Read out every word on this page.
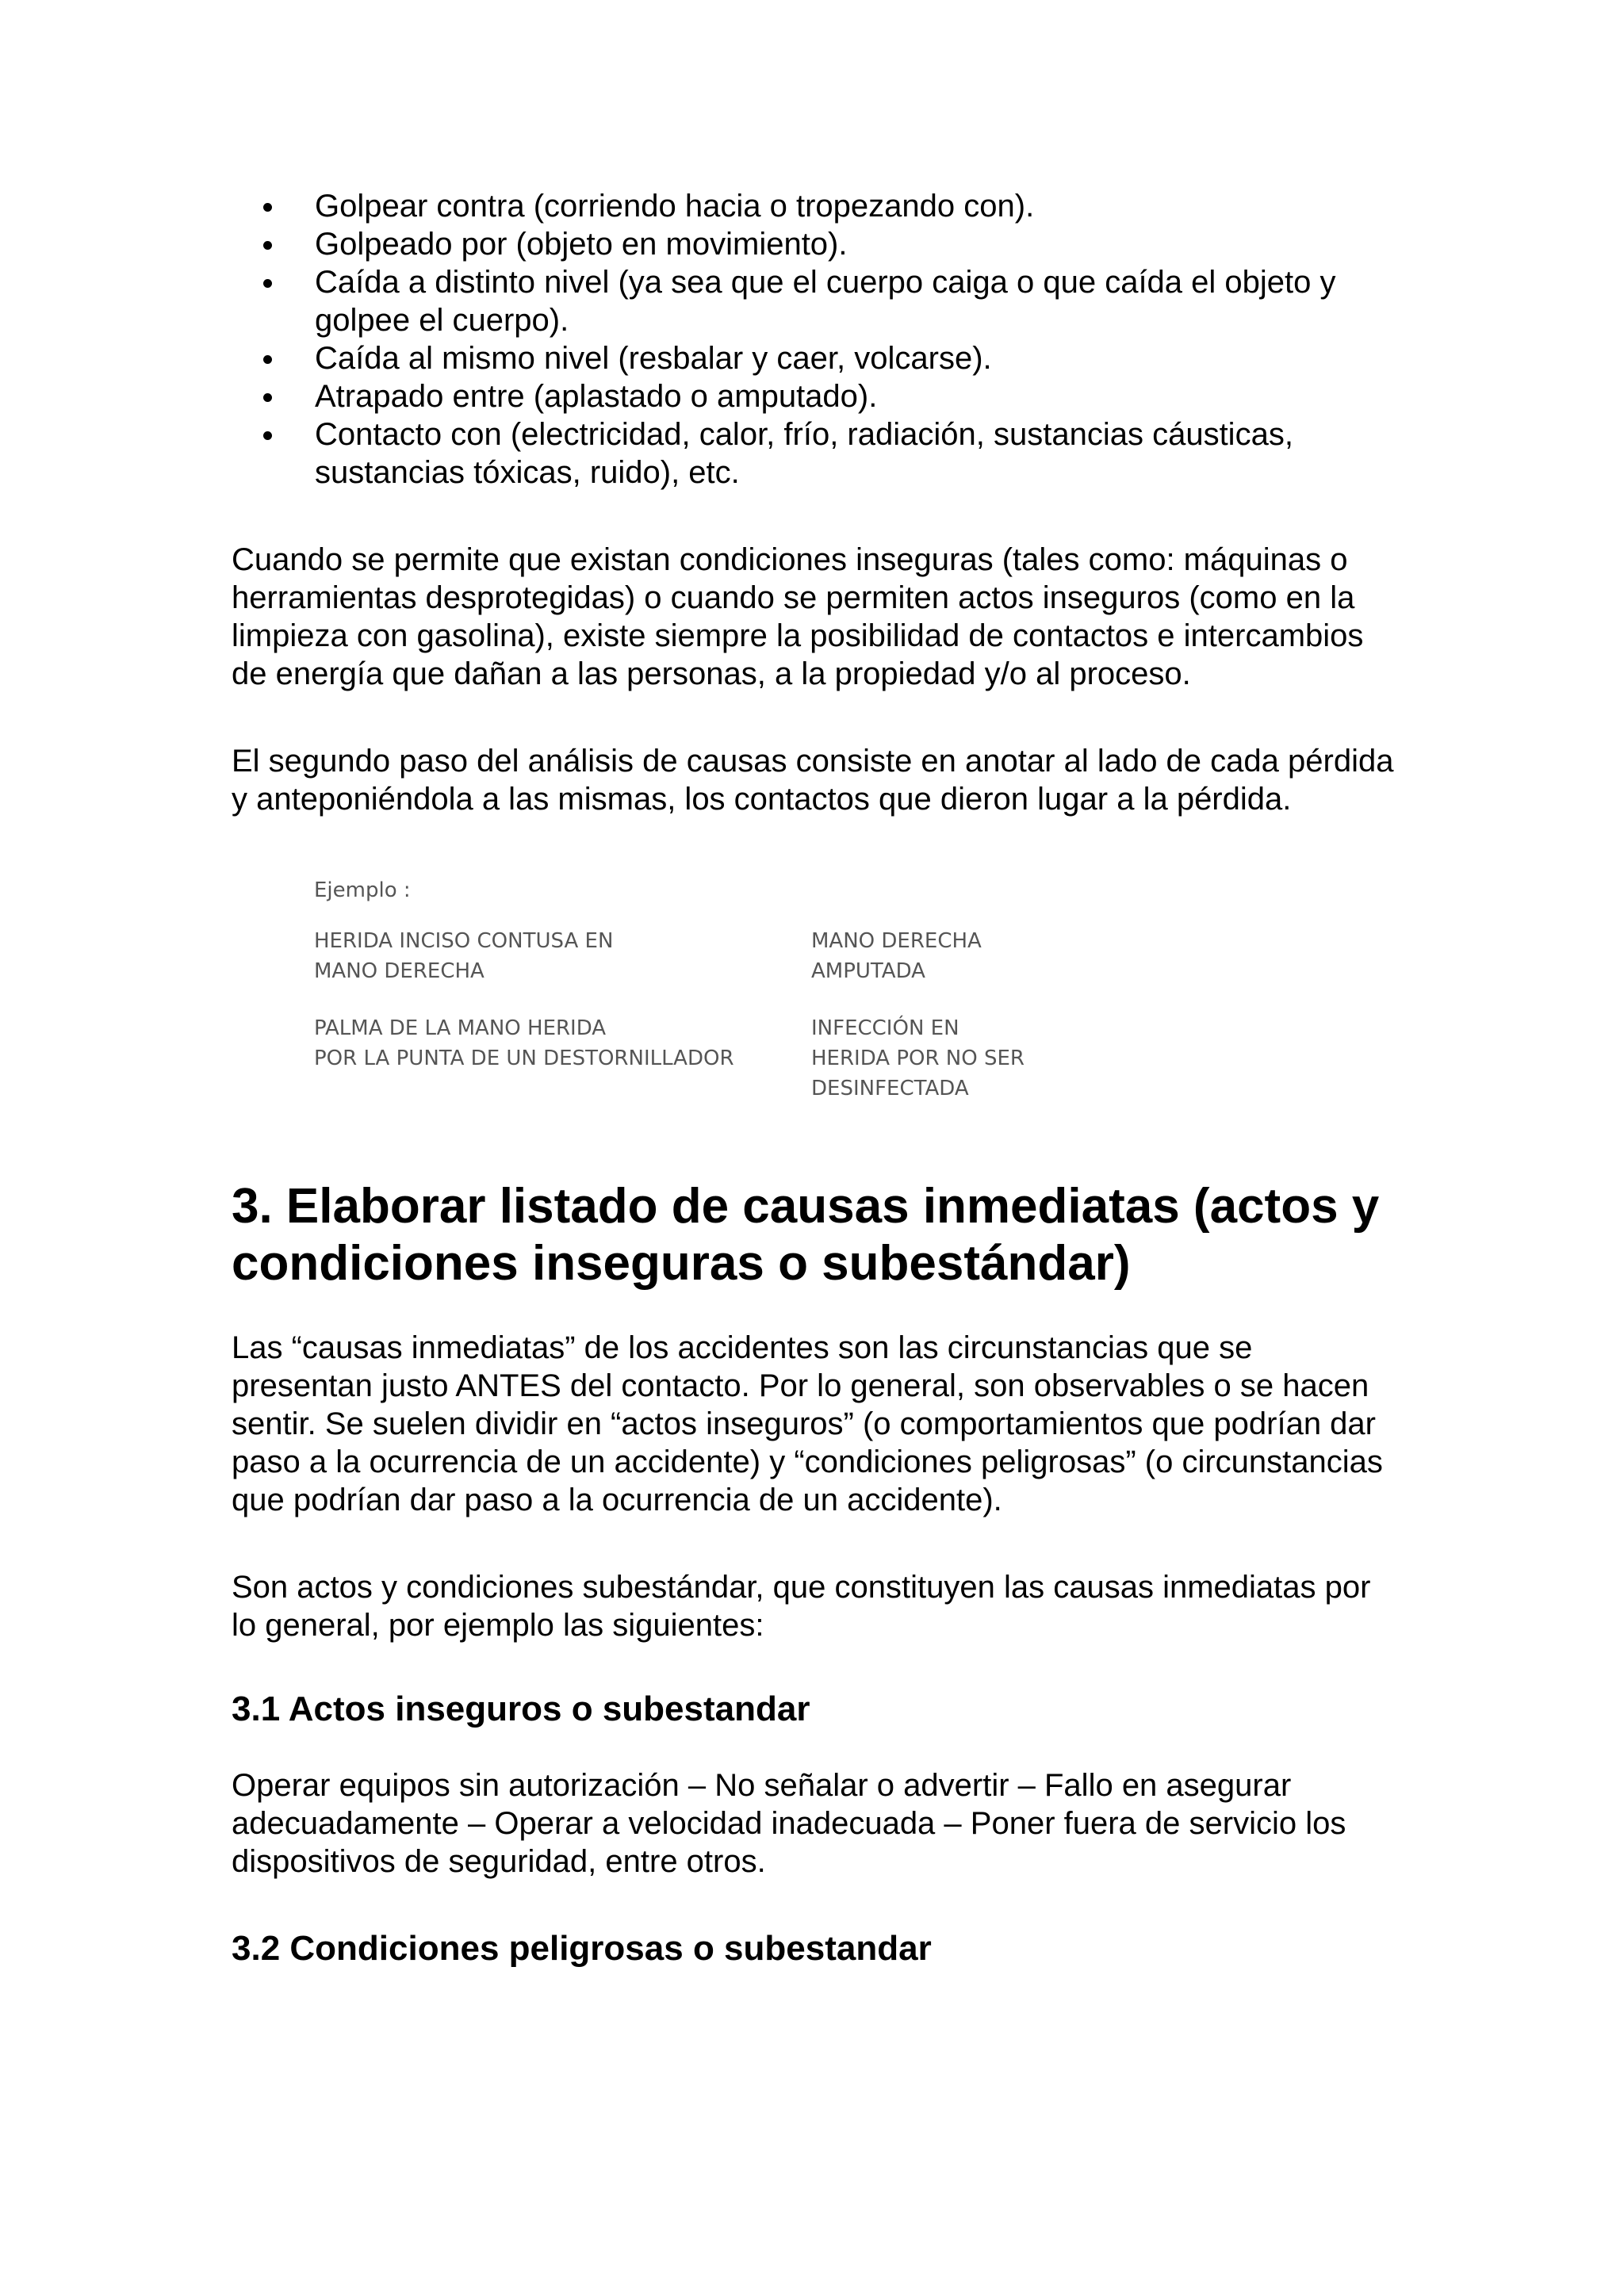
Golpear contra (corriendo hacia o tropezando con).
Golpeado por (objeto en movimiento).
Caída a distinto nivel (ya sea que el cuerpo caiga o que caída el objeto y golpee el cuerpo).
Caída al mismo nivel (resbalar y caer, volcarse).
Atrapado entre (aplastado o amputado).
Contacto con (electricidad, calor, frío, radiación, sustancias cáusticas, sustancias tóxicas, ruido), etc.

Cuando se permite que existan condiciones inseguras (tales como: máquinas o herramientas desprotegidas) o cuando se permiten actos inseguros (como en la limpieza con gasolina), existe siempre la posibilidad de contactos e intercambios de energía que dañan a las personas, a la propiedad y/o al proceso.

El segundo paso del análisis de causas consiste en anotar al lado de cada pérdida y anteponiéndola a las mismas, los contactos que dieron lugar a la pérdida.

Ejemplo :
HERIDA INCISO CONTUSA EN
MANO DERECHA
MANO DERECHA
AMPUTADA
PALMA DE LA MANO HERIDA
POR LA PUNTA DE UN DESTORNILLADOR
INFECCIÓN EN
HERIDA POR NO SER
DESINFECTADA
3. Elaborar listado de causas inmediatas (actos y condiciones inseguras o subestándar)

Las “causas inmediatas” de los accidentes son las circunstancias que se presentan justo ANTES del contacto. Por lo general, son observables o se hacen sentir. Se suelen dividir en “actos inseguros” (o comportamientos que podrían dar paso a la ocurrencia de un accidente) y “condiciones peligrosas” (o circunstancias que podrían dar paso a la ocurrencia de un accidente).

Son actos y condiciones subestándar, que constituyen las causas inmediatas por lo general, por ejemplo las siguientes:

3.1 Actos inseguros o subestandar

Operar equipos sin autorización – No señalar o advertir – Fallo en asegurar adecuadamente – Operar a velocidad inadecuada – Poner fuera de servicio los dispositivos de seguridad, entre otros.

3.2 Condiciones peligrosas o subestandar
